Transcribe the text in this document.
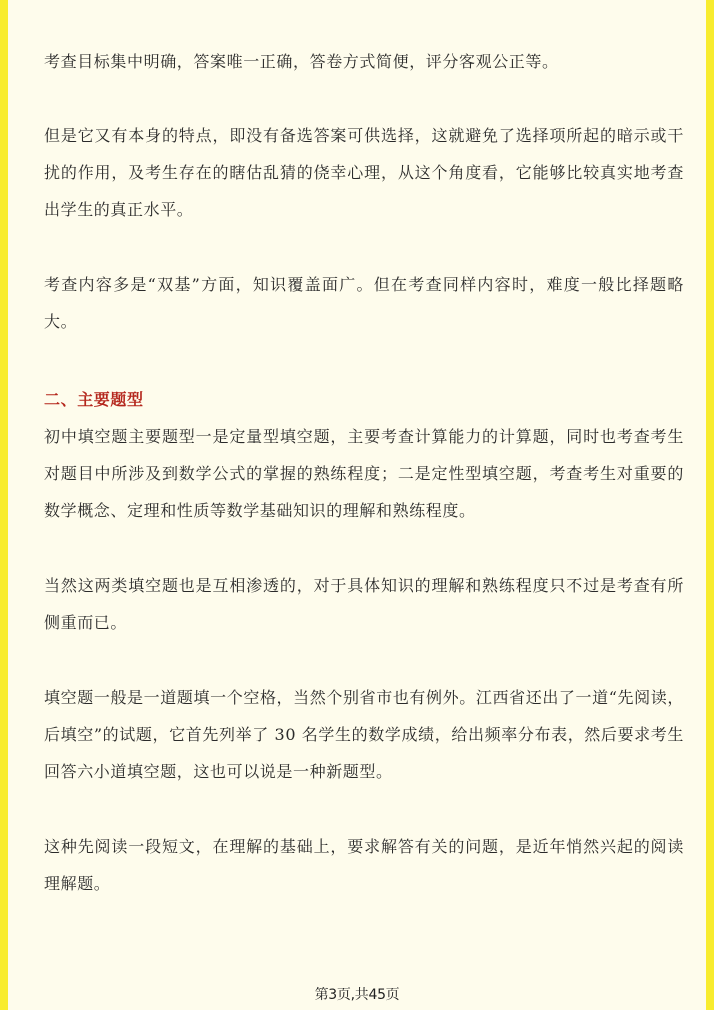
考查目标集中明确，答案唯一正确，答卷方式简便，评分客观公正等。

但是它又有本身的特点，即没有备选答案可供选择，这就避免了选择项所起的暗示或干扰的作用，及考生存在的瞎估乱猜的侥幸心理，从这个角度看，它能够比较真实地考查出学生的真正水平。

考查内容多是“双基”方面，知识覆盖面广。但在考查同样内容时，难度一般比择题略大。

二、主要题型

初中填空题主要题型一是定量型填空题，主要考查计算能力的计算题，同时也考查考生对题目中所涉及到数学公式的掌握的熟练程度；二是定性型填空题，考查考生对重要的数学概念、定理和性质等数学基础知识的理解和熟练程度。

当然这两类填空题也是互相渗透的，对于具体知识的理解和熟练程度只不过是考查有所侧重而已。

填空题一般是一道题填一个空格，当然个别省市也有例外。江西省还出了一道“先阅读，后填空”的试题，它首先列举了 30 名学生的数学成绩，给出频率分布表，然后要求考生回答六小道填空题，这也可以说是一种新题型。

这种先阅读一段短文，在理解的基础上，要求解答有关的问题，是近年悄然兴起的阅读理解题。

第3页,共45页
